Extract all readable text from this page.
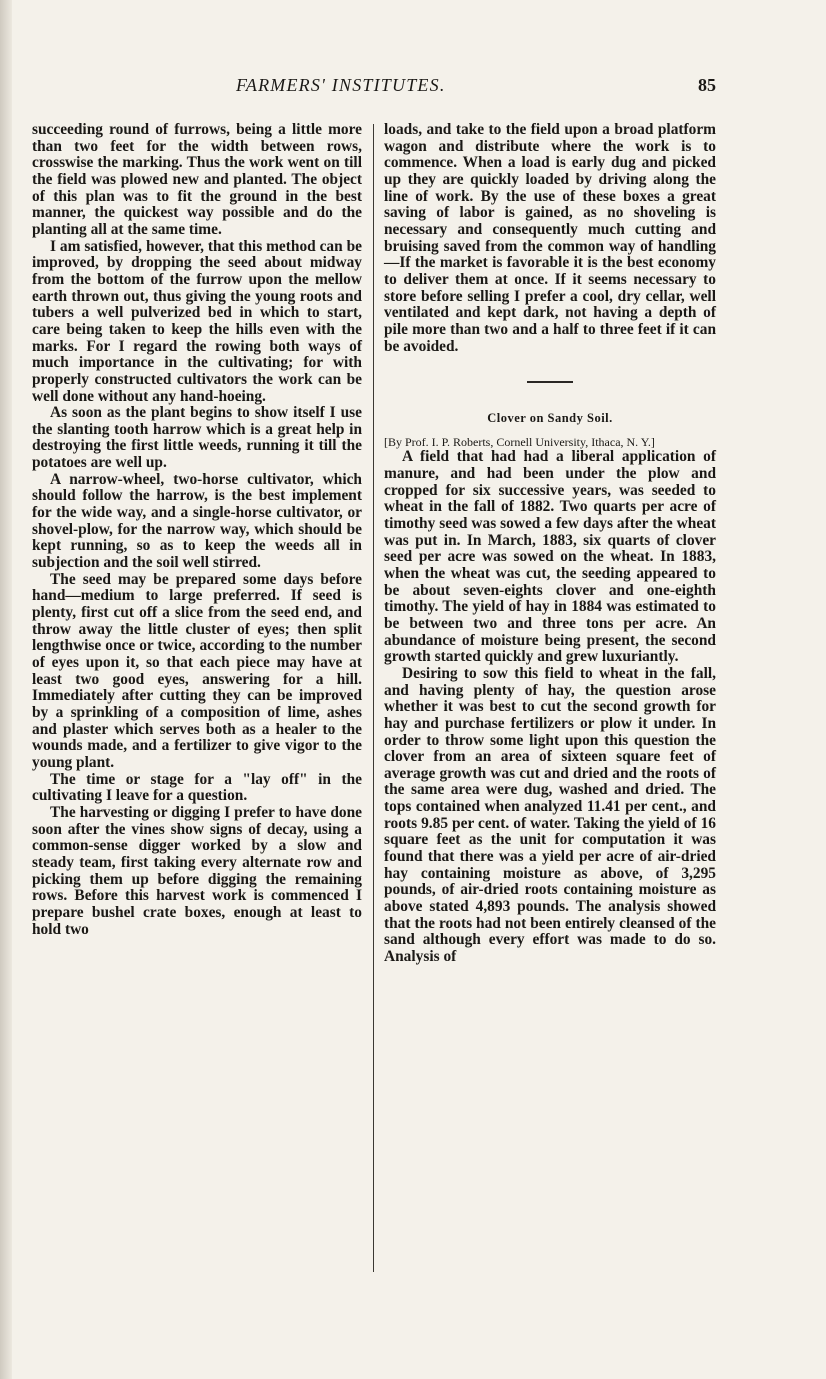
FARMERS' INSTITUTES.	85

succeeding round of furrows, being a little more than two feet for the width between rows, crosswise the marking. Thus the work went on till the field was plowed new and planted. The object of this plan was to fit the ground in the best manner, the quickest way possible and do the planting all at the same time.

I am satisfied, however, that this method can be improved, by dropping the seed about midway from the bottom of the furrow upon the mellow earth thrown out, thus giving the young roots and tubers a well pulverized bed in which to start, care being taken to keep the hills even with the marks. For I regard the rowing both ways of much importance in the cultivating; for with properly constructed cultivators the work can be well done without any hand-hoeing.

As soon as the plant begins to show itself I use the slanting tooth harrow which is a great help in destroying the first little weeds, running it till the potatoes are well up.

A narrow-wheel, two-horse cultivator, which should follow the harrow, is the best implement for the wide way, and a single-horse cultivator, or shovel-plow, for the narrow way, which should be kept running, so as to keep the weeds all in subjection and the soil well stirred.

The seed may be prepared some days before hand—medium to large preferred. If seed is plenty, first cut off a slice from the seed end, and throw away the little cluster of eyes; then split lengthwise once or twice, according to the number of eyes upon it, so that each piece may have at least two good eyes, answering for a hill. Immediately after cutting they can be improved by a sprinkling of a composition of lime, ashes and plaster which serves both as a healer to the wounds made, and a fertilizer to give vigor to the young plant.

The time or stage for a "lay off" in the cultivating I leave for a question.

The harvesting or digging I prefer to have done soon after the vines show signs of decay, using a common-sense digger worked by a slow and steady team, first taking every alternate row and picking them up before digging the remaining rows. Before this harvest work is commenced I prepare bushel crate boxes, enough at least to hold two

loads, and take to the field upon a broad platform wagon and distribute where the work is to commence. When a load is early dug and picked up they are quickly loaded by driving along the line of work. By the use of these boxes a great saving of labor is gained, as no shoveling is necessary and consequently much cutting and bruising saved from the common way of handling—If the market is favorable it is the best economy to deliver them at once. If it seems necessary to store before selling I prefer a cool, dry cellar, well ventilated and kept dark, not having a depth of pile more than two and a half to three feet if it can be avoided.

Clover on Sandy Soil.

[By Prof. I. P. Roberts, Cornell University, Ithaca, N. Y.]

A field that had had a liberal application of manure, and had been under the plow and cropped for six successive years, was seeded to wheat in the fall of 1882. Two quarts per acre of timothy seed was sowed a few days after the wheat was put in. In March, 1883, six quarts of clover seed per acre was sowed on the wheat. In 1883, when the wheat was cut, the seeding appeared to be about seven-eights clover and one-eighth timothy. The yield of hay in 1884 was estimated to be between two and three tons per acre. An abundance of moisture being present, the second growth started quickly and grew luxuriantly.

Desiring to sow this field to wheat in the fall, and having plenty of hay, the question arose whether it was best to cut the second growth for hay and purchase fertilizers or plow it under. In order to throw some light upon this question the clover from an area of sixteen square feet of average growth was cut and dried and the roots of the same area were dug, washed and dried. The tops contained when analyzed 11.41 per cent., and roots 9.85 per cent. of water. Taking the yield of 16 square feet as the unit for computation it was found that there was a yield per acre of air-dried hay containing moisture as above, of 3,295 pounds, of air-dried roots containing moisture as above stated 4,893 pounds. The analysis showed that the roots had not been entirely cleansed of the sand although every effort was made to do so. Analysis of
